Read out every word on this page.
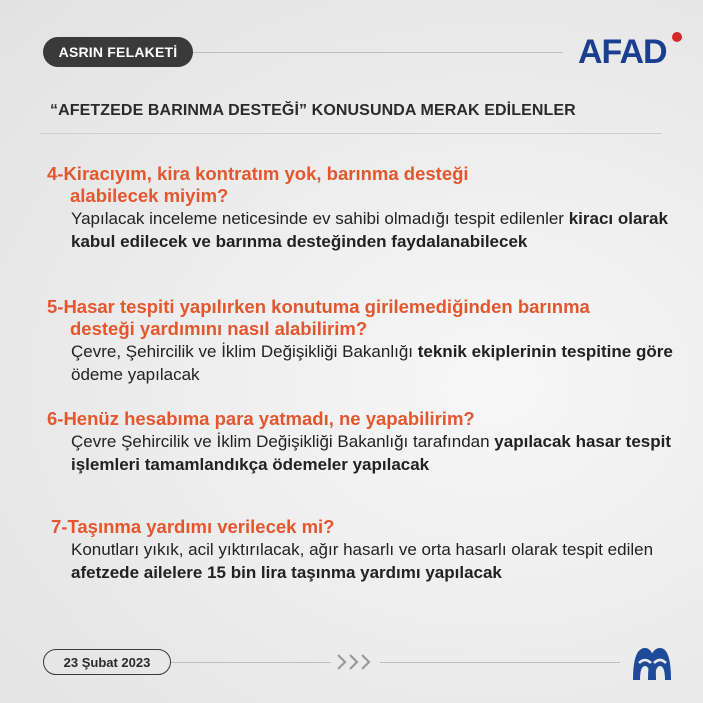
ASRIN FELAKETİ	AFAD
“AFETZEDE BARINMA DESTEĞİ” KONUSUNDA MERAK EDİLENLER
4-Kiracıyım, kira kontratım yok, barınma desteği
alabilecek miyim?
Yapılacak inceleme neticesinde ev sahibi olmadığı tespit edilenler kiracı olarak kabul edilecek ve barınma desteğinden faydalanabilecek
5-Hasar tespiti yapılırken konutuma girilemediğinden barınma
desteği yardımını nasıl alabilirim?
Çevre, Şehircilik ve İklim Değişikliği Bakanlığı teknik ekiplerinin tespitine göre ödeme yapılacak
6-Henüz hesabıma para yatmadı, ne yapabilirim?
Çevre Şehircilik ve İklim Değişikliği Bakanlığı tarafından yapılacak hasar tespit işlemleri tamamlandıkça ödemeler yapılacak
7-Taşınma yardımı verilecek mi?
Konutları yıkık, acil yıktırılacak, ağır hasarlı ve orta hasarlı olarak tespit edilen afetzede ailelere 15 bin lira taşınma yardımı yapılacak
23 Şubat 2023
